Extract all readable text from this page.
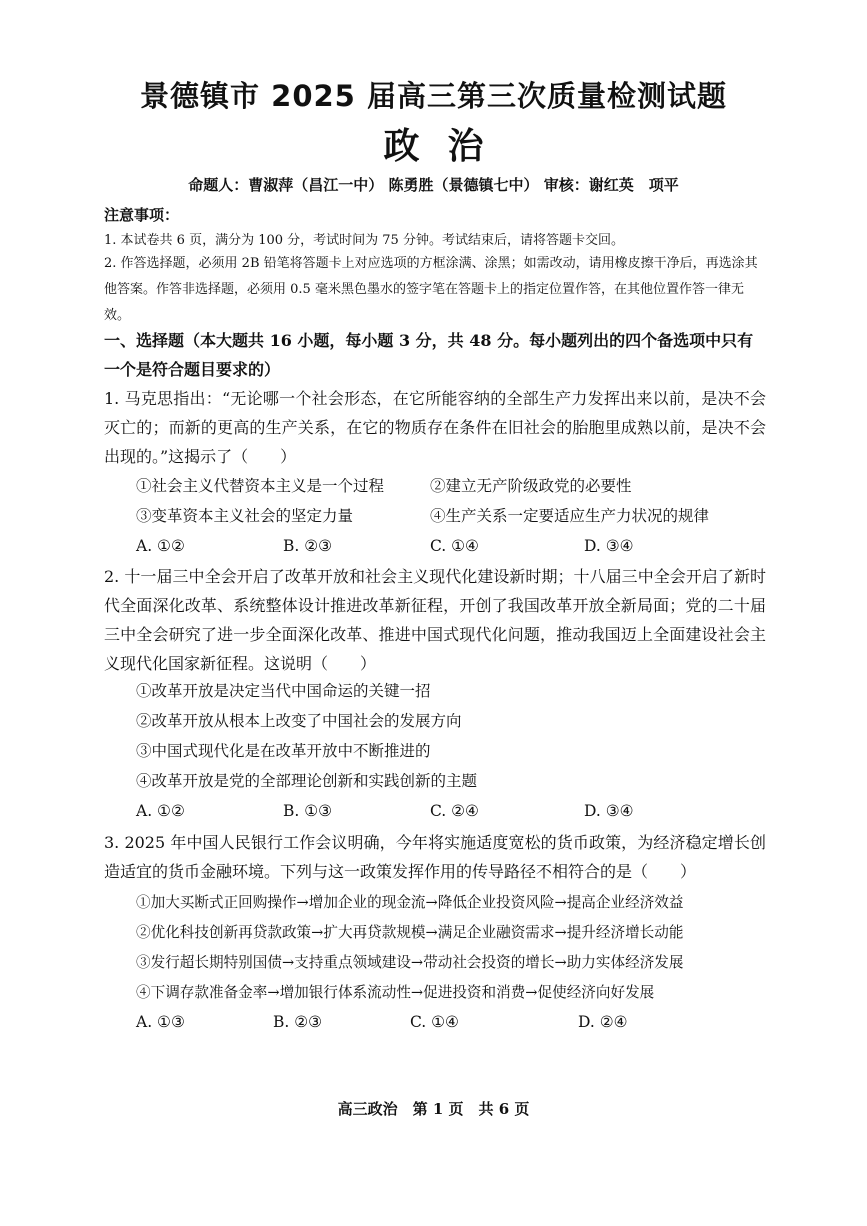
景德镇市 2025 届高三第三次质量检测试题
政治
命题人：曹淑萍（昌江一中） 陈勇胜（景德镇七中） 审核：谢红英　项平
注意事项：
1. 本试卷共 6 页，满分为 100 分，考试时间为 75 分钟。考试结束后，请将答题卡交回。
2. 作答选择题，必须用 2B 铅笔将答题卡上对应选项的方框涂满、涂黑；如需改动，请用橡皮擦干净后，再选涂其他答案。作答非选择题，必须用 0.5 毫米黑色墨水的签字笔在答题卡上的指定位置作答，在其他位置作答一律无效。
一、选择题（本大题共 16 小题，每小题 3 分，共 48 分。每小题列出的四个备选项中只有一个是符合题目要求的）
1. 马克思指出：“无论哪一个社会形态，在它所能容纳的全部生产力发挥出来以前，是决不会灭亡的；而新的更高的生产关系，在它的物质存在条件在旧社会的胎胞里成熟以前，是决不会出现的。”这揭示了（　　）
①社会主义代替资本主义是一个过程	②建立无产阶级政党的必要性
③变革资本主义社会的坚定力量	④生产关系一定要适应生产力状况的规律
A. ①②	B. ②③	C. ①④	D. ③④
2. 十一届三中全会开启了改革开放和社会主义现代化建设新时期；十八届三中全会开启了新时代全面深化改革、系统整体设计推进改革新征程，开创了我国改革开放全新局面；党的二十届三中全会研究了进一步全面深化改革、推进中国式现代化问题，推动我国迈上全面建设社会主义现代化国家新征程。这说明（　　）
①改革开放是决定当代中国命运的关键一招
②改革开放从根本上改变了中国社会的发展方向
③中国式现代化是在改革开放中不断推进的
④改革开放是党的全部理论创新和实践创新的主题
A. ①②	B. ①③	C. ②④	D. ③④
3. 2025 年中国人民银行工作会议明确，今年将实施适度宽松的货币政策，为经济稳定增长创造适宜的货币金融环境。下列与这一政策发挥作用的传导路径不相符合的是（　　）
①加大买断式正回购操作→增加企业的现金流→降低企业投资风险→提高企业经济效益
②优化科技创新再贷款政策→扩大再贷款规模→满足企业融资需求→提升经济增长动能
③发行超长期特别国债→支持重点领域建设→带动社会投资的增长→助力实体经济发展
④下调存款准备金率→增加银行体系流动性→促进投资和消费→促使经济向好发展
A. ①③	B. ②③	C. ①④	D. ②④
高三政治　第 1 页　共 6 页
